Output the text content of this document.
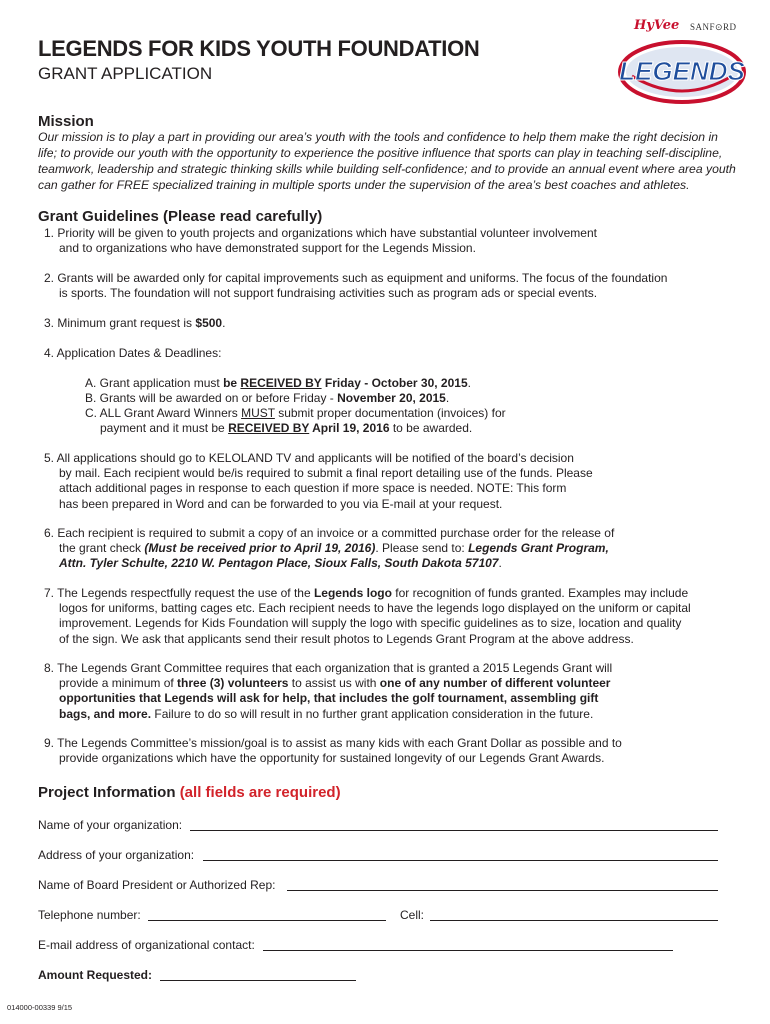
LEGENDS FOR KIDS YOUTH FOUNDATION
GRANT APPLICATION
HyVee SANF⊙RD
LEGENDS
Mission
Our mission is to play a part in providing our area’s youth with the tools and confidence to help them make the right decision in life; to provide our youth with the opportunity to experience the positive influence that sports can play in teaching self-discipline, teamwork, leadership and strategic thinking skills while building self-confidence; and to provide an annual event where area youth can gather for FREE specialized training in multiple sports under the supervision of the area’s best coaches and athletes.
Grant Guidelines (Please read carefully)
1. Priority will be given to youth projects and organizations which have substantial volunteer involvement
and to organizations who have demonstrated support for the Legends Mission.
2. Grants will be awarded only for capital improvements such as equipment and uniforms. The focus of the foundation
is sports. The foundation will not support fundraising activities such as program ads or special events.
3. Minimum grant request is $500.
4. Application Dates & Deadlines:
A. Grant application must be RECEIVED BY Friday - October 30, 2015.
B. Grants will be awarded on or before Friday - November 20, 2015.
C. ALL Grant Award Winners MUST submit proper documentation (invoices) for
payment and it must be RECEIVED BY April 19, 2016 to be awarded.
5. All applications should go to KELOLAND TV and applicants will be notified of the board’s decision
by mail. Each recipient would be/is required to submit a final report detailing use of the funds. Please
attach additional pages in response to each question if more space is needed. NOTE: This form
has been prepared in Word and can be forwarded to you via E-mail at your request.
6. Each recipient is required to submit a copy of an invoice or a committed purchase order for the release of
the grant check (Must be received prior to April 19, 2016). Please send to: Legends Grant Program,
Attn. Tyler Schulte, 2210 W. Pentagon Place, Sioux Falls, South Dakota 57107.
7. The Legends respectfully request the use of the Legends logo for recognition of funds granted. Examples may include
logos for uniforms, batting cages etc. Each recipient needs to have the legends logo displayed on the uniform or capital
improvement. Legends for Kids Foundation will supply the logo with specific guidelines as to size, location and quality
of the sign. We ask that applicants send their result photos to Legends Grant Program at the above address.
8. The Legends Grant Committee requires that each organization that is granted a 2015 Legends Grant will
provide a minimum of three (3) volunteers to assist us with one of any number of different volunteer
opportunities that Legends will ask for help, that includes the golf tournament, assembling gift
bags, and more. Failure to do so will result in no further grant application consideration in the future.
9. The Legends Committee’s mission/goal is to assist as many kids with each Grant Dollar as possible and to
provide organizations which have the opportunity for sustained longevity of our Legends Grant Awards.
Project Information (all fields are required)
Name of your organization:
Address of your organization:
Name of Board President or Authorized Rep:
Telephone number:	Cell:
E-mail address of organizational contact:
Amount Requested:
014000-00339 9/15
